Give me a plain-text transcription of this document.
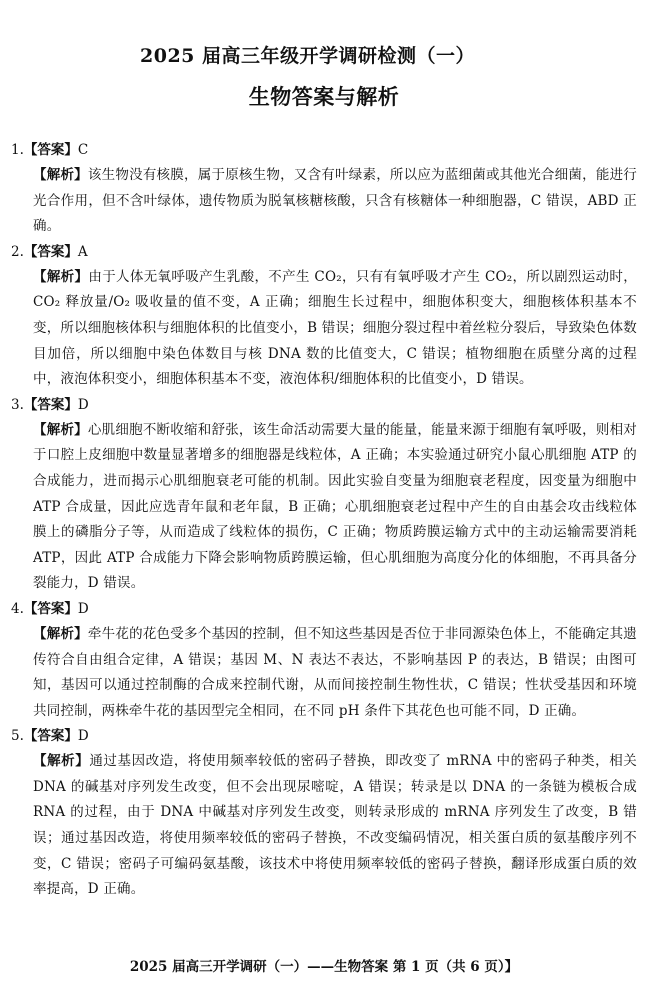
2025 届高三年级开学调研检测（一）
生物答案与解析
1.【答案】C

【解析】该生物没有核膜，属于原核生物，又含有叶绿素，所以应为蓝细菌或其他光合细菌，能进行光合作用，但不含叶绿体，遗传物质为脱氧核糖核酸，只含有核糖体一种细胞器，C 错误，ABD 正确。

2.【答案】A

【解析】由于人体无氧呼吸产生乳酸，不产生 CO₂，只有有氧呼吸才产生 CO₂，所以剧烈运动时，CO₂ 释放量/O₂ 吸收量的值不变，A 正确；细胞生长过程中，细胞体积变大，细胞核体积基本不变，所以细胞核体积与细胞体积的比值变小，B 错误；细胞分裂过程中着丝粒分裂后，导致染色体数目加倍，所以细胞中染色体数目与核 DNA 数的比值变大，C 错误；植物细胞在质壁分离的过程中，液泡体积变小，细胞体积基本不变，液泡体积/细胞体积的比值变小，D 错误。

3.【答案】D

【解析】心肌细胞不断收缩和舒张，该生命活动需要大量的能量，能量来源于细胞有氧呼吸，则相对于口腔上皮细胞中数量显著增多的细胞器是线粒体，A 正确；本实验通过研究小鼠心肌细胞 ATP 的合成能力，进而揭示心肌细胞衰老可能的机制。因此实验自变量为细胞衰老程度，因变量为细胞中 ATP 合成量，因此应选青年鼠和老年鼠，B 正确；心肌细胞衰老过程中产生的自由基会攻击线粒体膜上的磷脂分子等，从而造成了线粒体的损伤，C 正确；物质跨膜运输方式中的主动运输需要消耗 ATP，因此 ATP 合成能力下降会影响物质跨膜运输，但心肌细胞为高度分化的体细胞，不再具备分裂能力，D 错误。

4.【答案】D

【解析】牵牛花的花色受多个基因的控制，但不知这些基因是否位于非同源染色体上，不能确定其遗传符合自由组合定律，A 错误；基因 M、N 表达不表达，不影响基因 P 的表达，B 错误；由图可知，基因可以通过控制酶的合成来控制代谢，从而间接控制生物性状，C 错误；性状受基因和环境共同控制，两株牵牛花的基因型完全相同，在不同 pH 条件下其花色也可能不同，D 正确。

5.【答案】D

【解析】通过基因改造，将使用频率较低的密码子替换，即改变了 mRNA 中的密码子种类，相关 DNA 的碱基对序列发生改变，但不会出现尿嘧啶，A 错误；转录是以 DNA 的一条链为模板合成 RNA 的过程，由于 DNA 中碱基对序列发生改变，则转录形成的 mRNA 序列发生了改变，B 错误；通过基因改造，将使用频率较低的密码子替换，不改变编码情况，相关蛋白质的氨基酸序列不变，C 错误；密码子可编码氨基酸，该技术中将使用频率较低的密码子替换，翻译形成蛋白质的效率提高，D 正确。

2025 届高三开学调研（一）——生物答案 第 1 页（共 6 页）】
